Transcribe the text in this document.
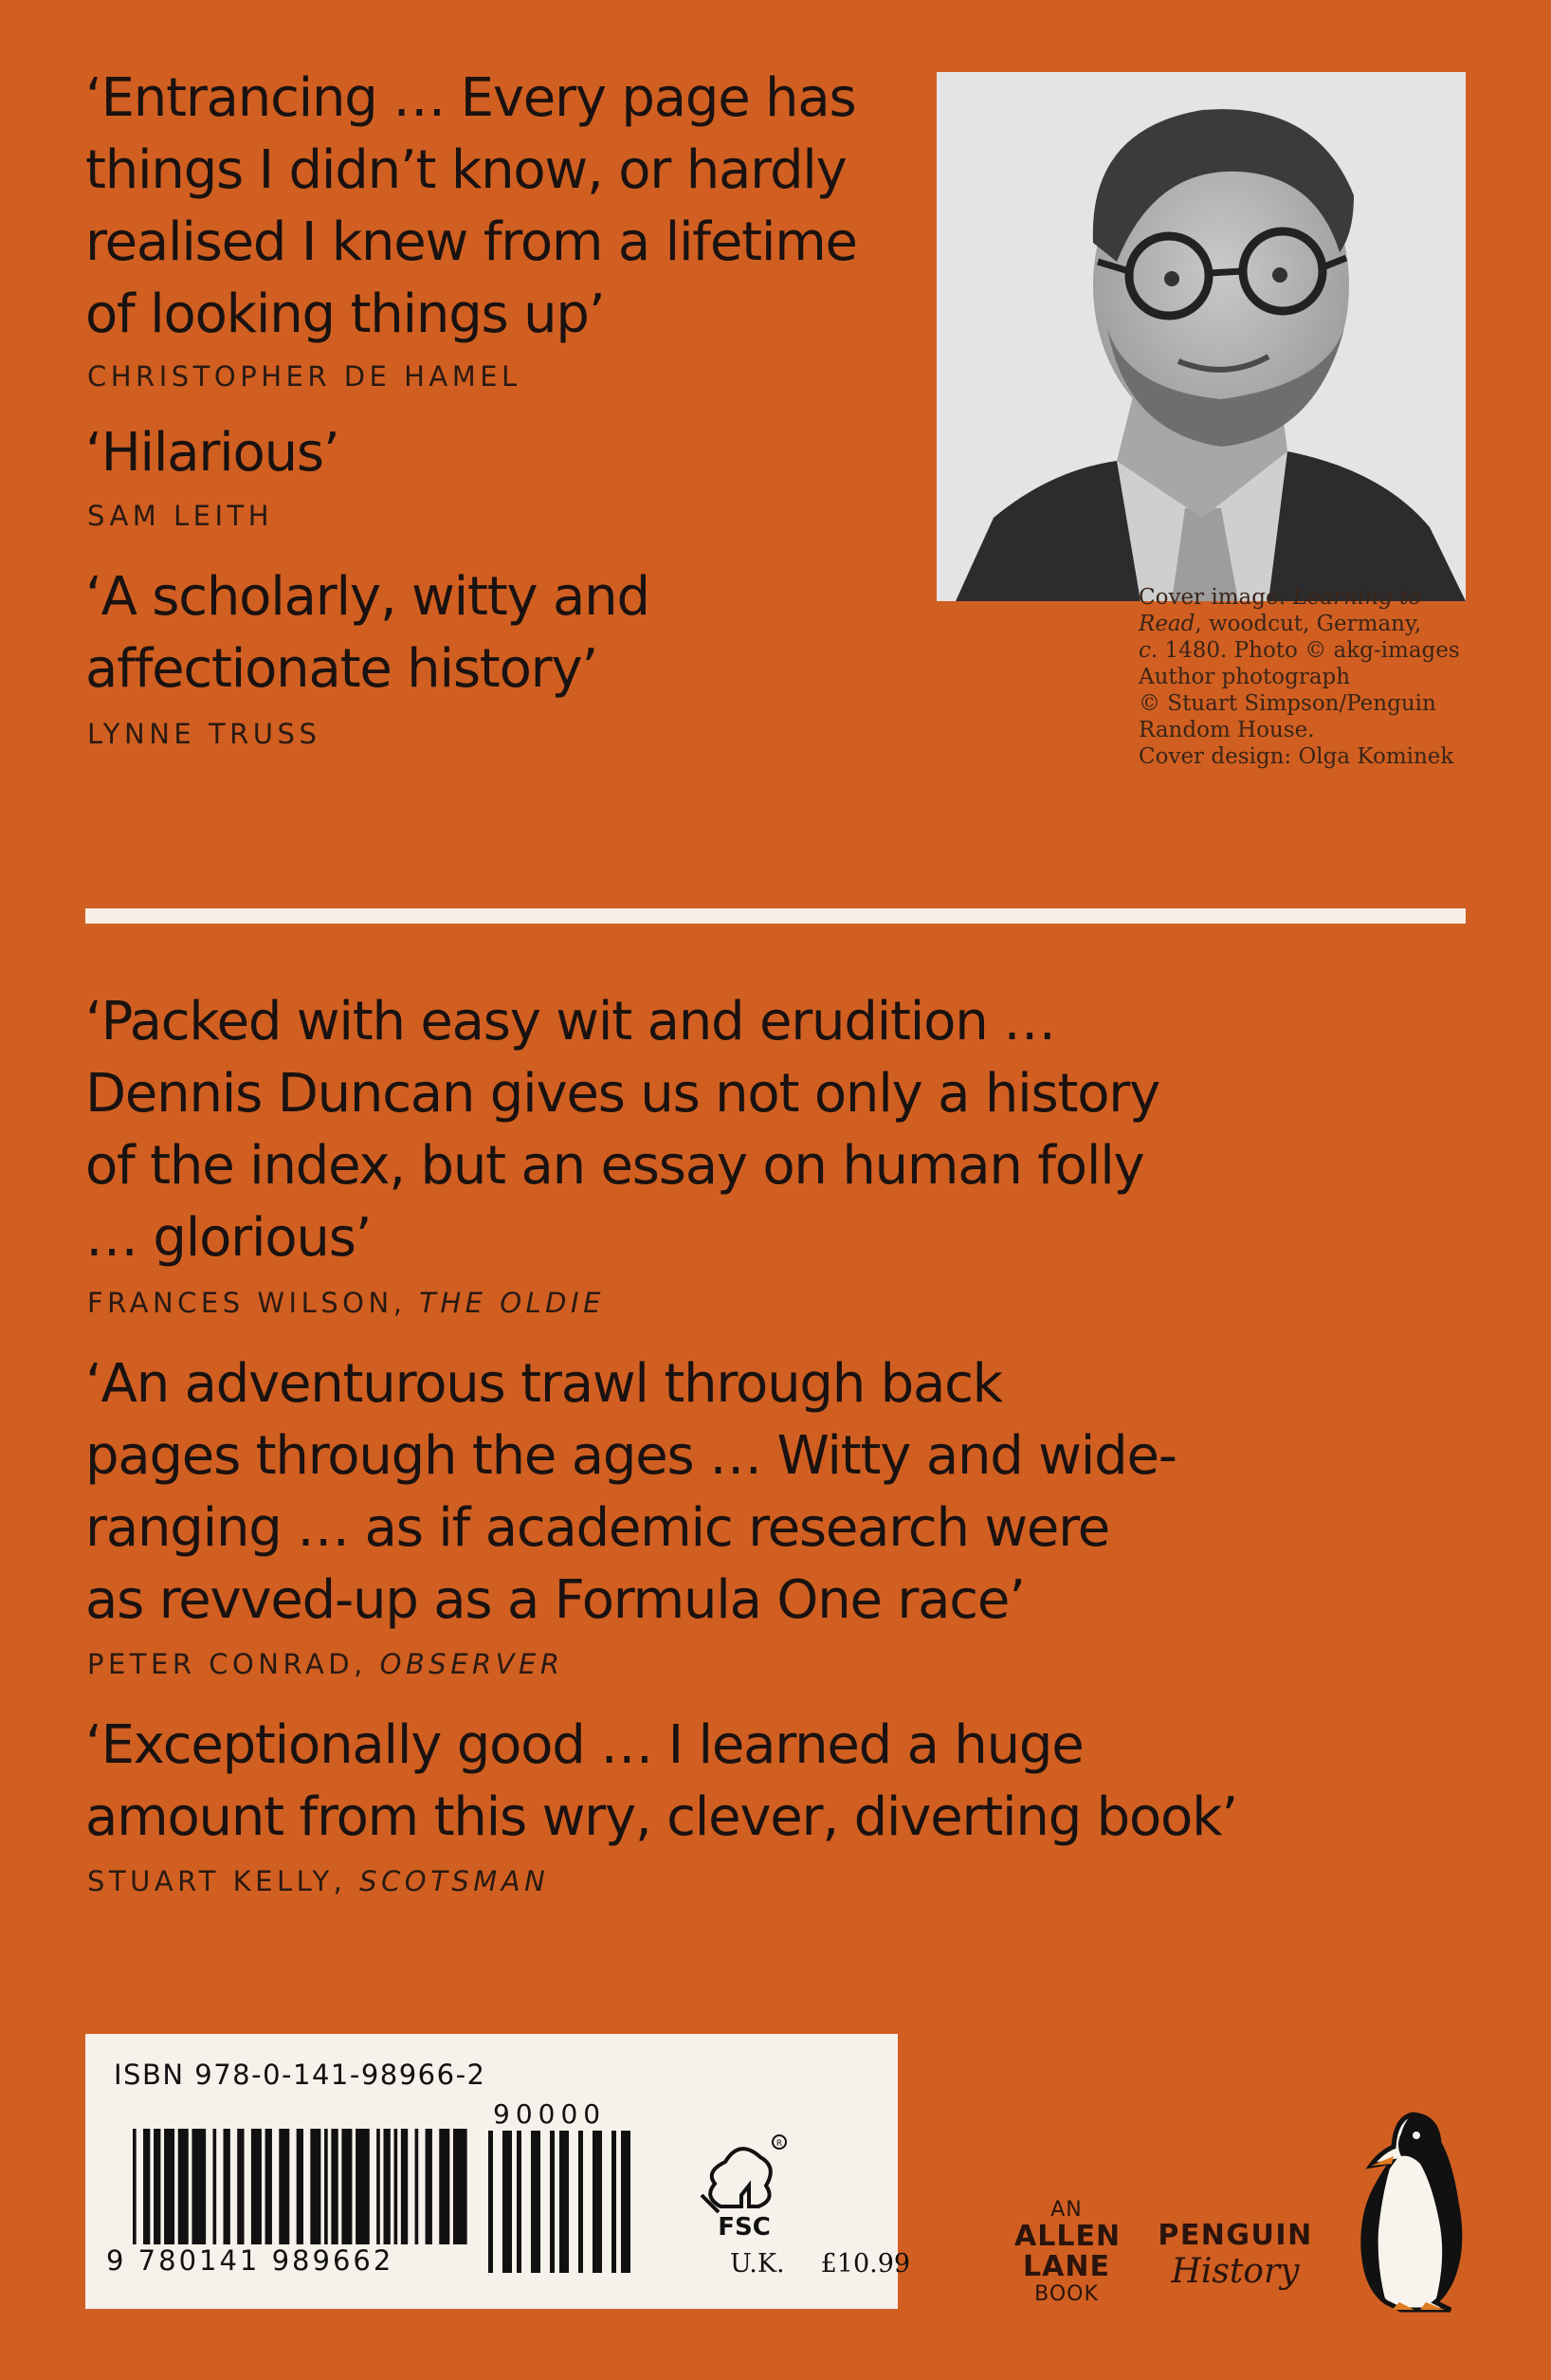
‘Entrancing … Every page has
things I didn’t know, or hardly
realised I knew from a lifetime
of looking things up’
CHRISTOPHER DE HAMEL
‘Hilarious’
SAM LEITH
‘A scholarly, witty and
affectionate history’
LYNNE TRUSS
Cover image: Learning to
Read, woodcut, Germany,
c. 1480. Photo © akg-images
Author photograph
© Stuart Simpson/Penguin
Random House.
Cover design: Olga Kominek
‘Packed with easy wit and erudition …
Dennis Duncan gives us not only a history
of the index, but an essay on human folly
… glorious’
FRANCES WILSON, THE OLDIE
‘An adventurous trawl through back
pages through the ages … Witty and wide-
ranging … as if academic research were
as revved-up as a Formula One race’
PETER CONRAD, OBSERVER
‘Exceptionally good … I learned a huge
amount from this wry, clever, diverting book’
STUART KELLY, SCOTSMAN
ISBN 978-0-141-98966-2
9 780141 989662
90000
R
FSC
U.K. £10.99
AN
ALLEN
LANE
BOOK
PENGUIN
History
